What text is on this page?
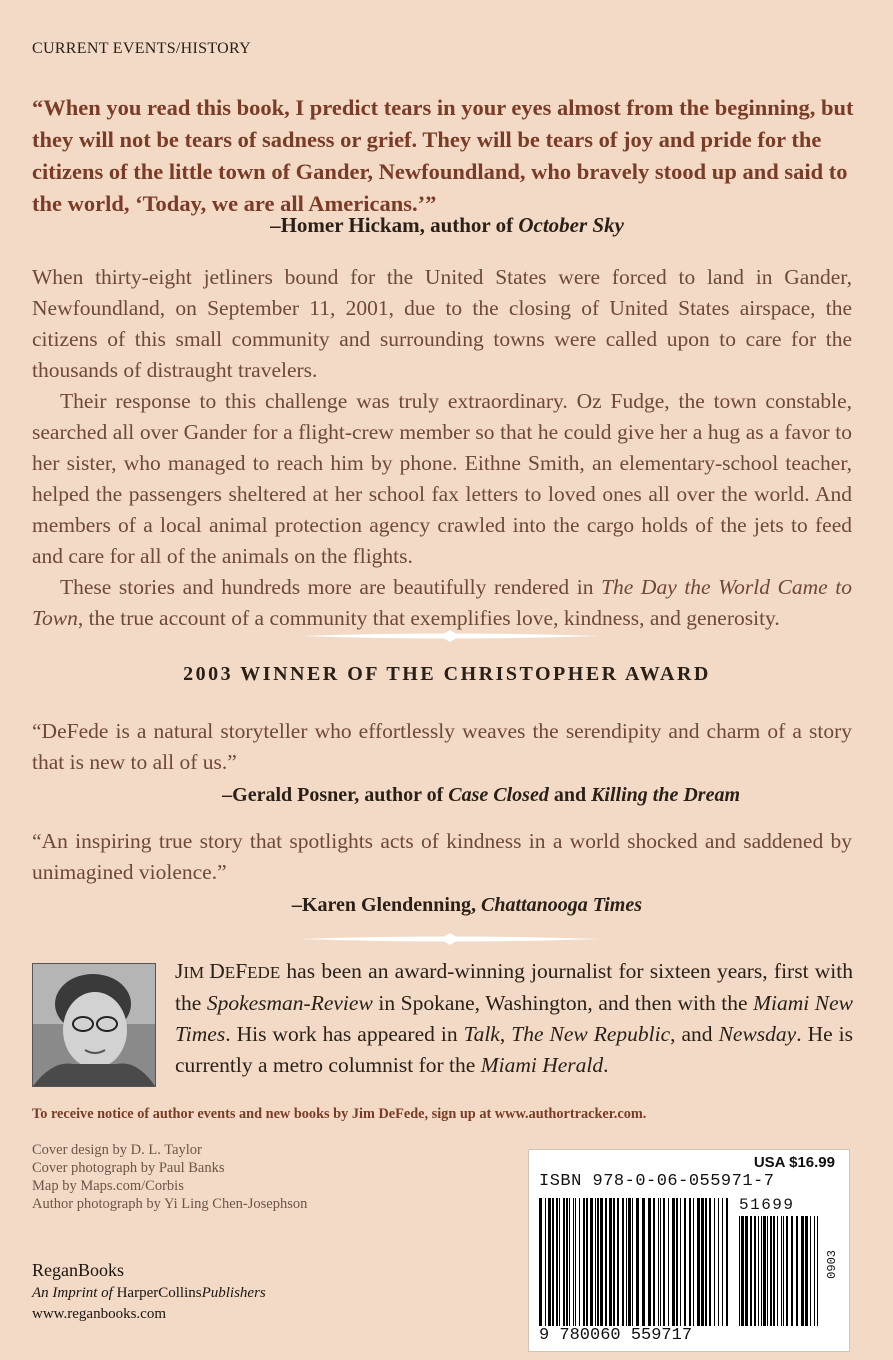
CURRENT EVENTS/HISTORY
“When you read this book, I predict tears in your eyes almost from the beginning, but they will not be tears of sadness or grief. They will be tears of joy and pride for the citizens of the little town of Gander, Newfoundland, who bravely stood up and said to the world, ‘Today, we are all Americans.’”
–Homer Hickam, author of October Sky

When thirty-eight jetliners bound for the United States were forced to land in Gander, Newfoundland, on September 11, 2001, due to the closing of United States airspace, the citizens of this small community and surrounding towns were called upon to care for the thousands of distraught travelers.

Their response to this challenge was truly extraordinary. Oz Fudge, the town constable, searched all over Gander for a flight-crew member so that he could give her a hug as a favor to her sister, who managed to reach him by phone. Eithne Smith, an elementary-school teacher, helped the passengers sheltered at her school fax letters to loved ones all over the world. And members of a local animal protection agency crawled into the cargo holds of the jets to feed and care for all of the animals on the flights.

These stories and hundreds more are beautifully rendered in The Day the World Came to Town, the true account of a community that exemplifies love, kindness, and generosity.

2003 WINNER OF THE CHRISTOPHER AWARD
“DeFede is a natural storyteller who effortlessly weaves the serendipity and charm of a story that is new to all of us.”
–Gerald Posner, author of Case Closed and Killing the Dream
“An inspiring true story that spotlights acts of kindness in a world shocked and saddened by unimagined violence.”
–Karen Glendenning, Chattanooga Times
JIM DEFEDE has been an award-winning journalist for sixteen years, first with the Spokesman-Review in Spokane, Washington, and then with the Miami New Times. His work has appeared in Talk, The New Republic, and Newsday. He is currently a metro columnist for the Miami Herald.
To receive notice of author events and new books by Jim DeFede, sign up at www.authortracker.com.
Cover design by D. L. Taylor
Cover photograph by Paul Banks
Map by Maps.com/Corbis
Author photograph by Yi Ling Chen-Josephson
ReganBooks
An Imprint of HarperCollinsPublishers
www.reganbooks.com
USA $16.99
ISBN 978-0-06-055971-7
51699
9 780060 559717
0903
